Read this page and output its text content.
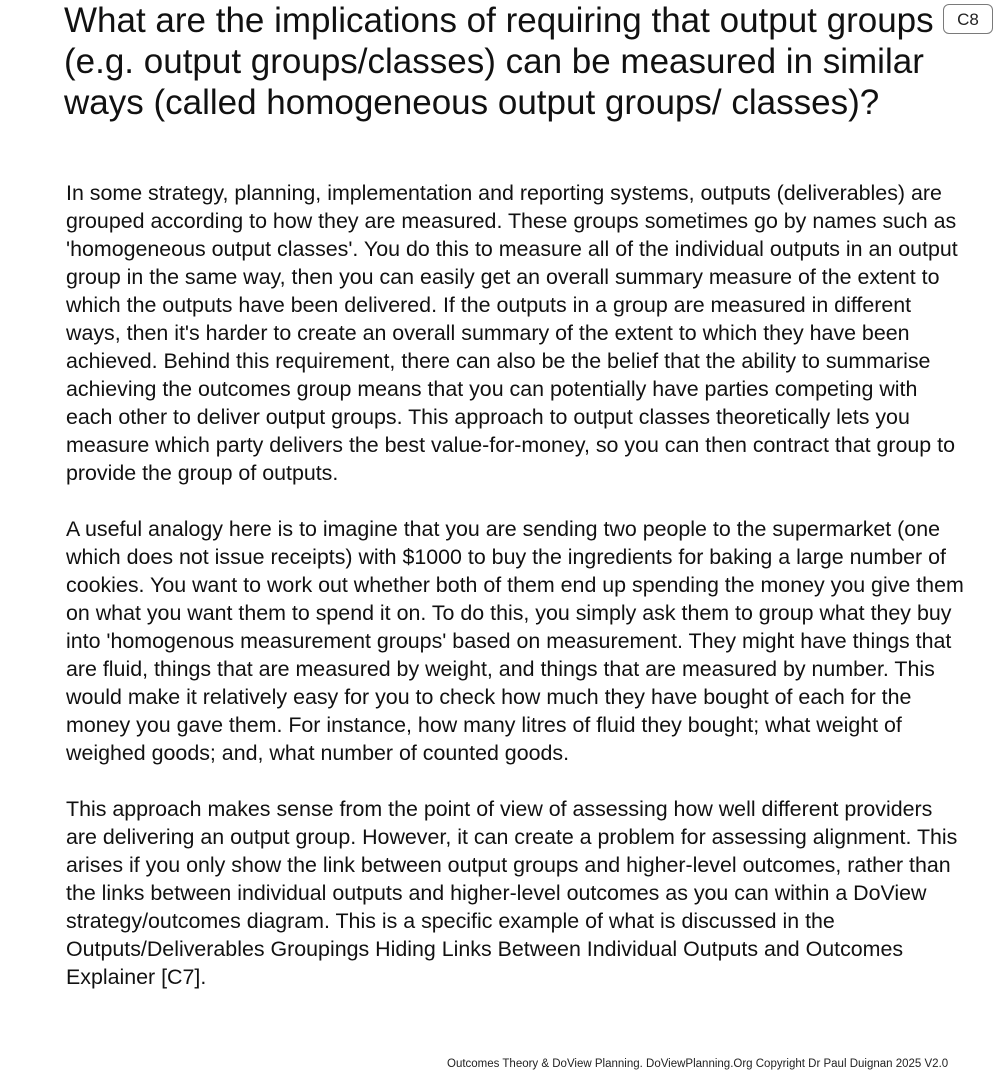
What are the implications of requiring that output groups (e.g. output groups/classes) can be measured in similar ways (called homogeneous output groups/ classes)?
C8

In some strategy, planning, implementation and reporting systems, outputs (deliverables) are grouped according to how they are measured. These groups sometimes go by names such as 'homogeneous output classes'. You do this to measure all of the individual outputs in an output group in the same way, then you can easily get an overall summary measure of the extent to which the outputs have been delivered. If the outputs in a group are measured in different ways, then it's harder to create an overall summary of the extent to which they have been achieved. Behind this requirement, there can also be the belief that the ability to summarise achieving the outcomes group means that you can potentially have parties competing with each other to deliver output groups. This approach to output classes theoretically lets you measure which party delivers the best value-for-money, so you can then contract that group to provide the group of outputs.

A useful analogy here is to imagine that you are sending two people to the supermarket (one which does not issue receipts) with $1000 to buy the ingredients for baking a large number of cookies. You want to work out whether both of them end up spending the money you give them on what you want them to spend it on. To do this, you simply ask them to group what they buy into 'homogenous measurement groups' based on measurement. They might have things that are fluid, things that are measured by weight, and things that are measured by number. This would make it relatively easy for you to check how much they have bought of each for the money you gave them. For instance, how many litres of fluid they bought; what weight of weighed goods; and, what number of counted goods.

This approach makes sense from the point of view of assessing how well different providers are delivering an output group. However, it can create a problem for assessing alignment. This arises if you only show the link between output groups and higher-level outcomes, rather than the links between individual outputs and higher-level outcomes as you can within a DoView strategy/outcomes diagram. This is a specific example of what is discussed in the Outputs/Deliverables Groupings Hiding Links Between Individual Outputs and Outcomes Explainer [C7].

Outcomes Theory & DoView Planning. DoViewPlanning.Org Copyright Dr Paul Duignan 2025 V2.0
